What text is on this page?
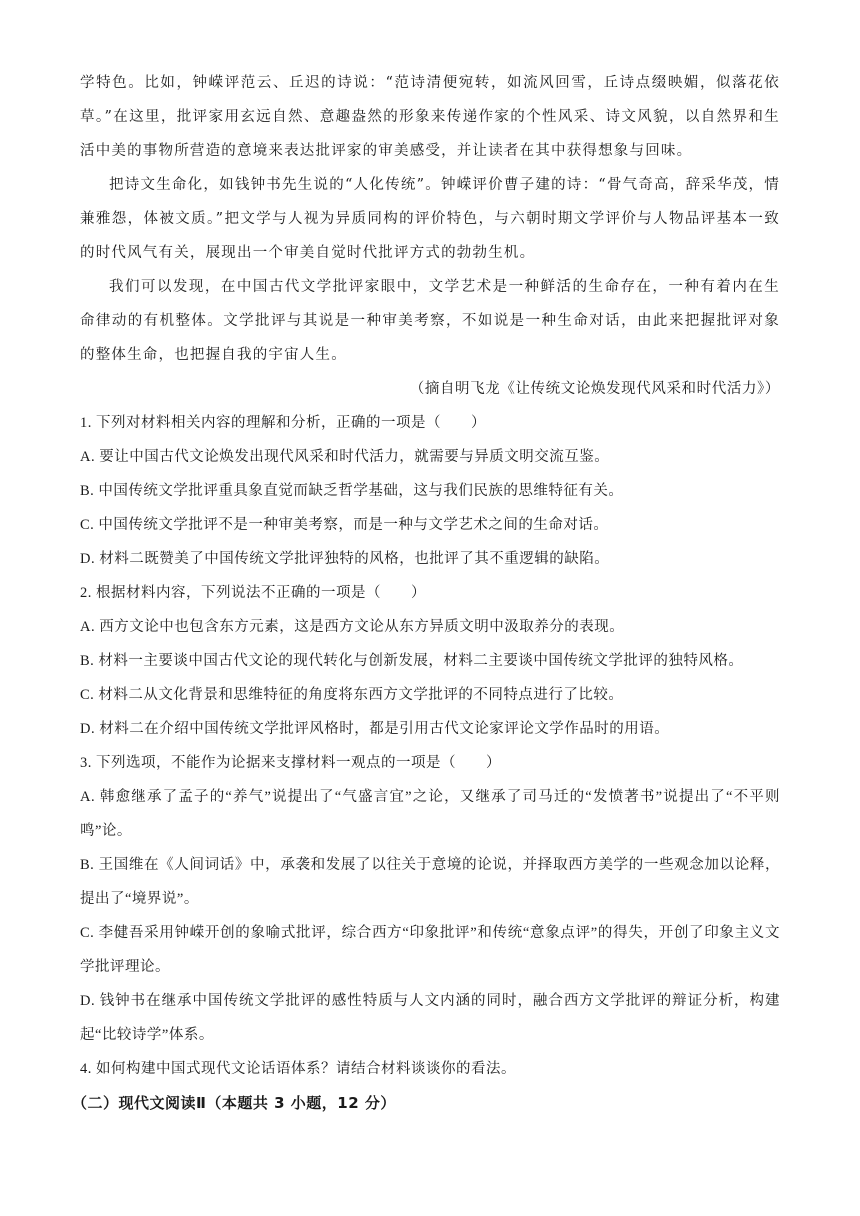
学特色。比如，钟嵘评范云、丘迟的诗说：“范诗清便宛转，如流风回雪，丘诗点缀映媚，似落花依草。”在这里，批评家用玄远自然、意趣盎然的形象来传递作家的个性风采、诗文风貌，以自然界和生活中美的事物所营造的意境来表达批评家的审美感受，并让读者在其中获得想象与回味。

把诗文生命化，如钱钟书先生说的“人化传统”。钟嵘评价曹子建的诗：“骨气奇高，辞采华茂，情兼雅怨，体被文质。”把文学与人视为异质同构的评价特色，与六朝时期文学评价与人物品评基本一致的时代风气有关，展现出一个审美自觉时代批评方式的勃勃生机。

我们可以发现，在中国古代文学批评家眼中，文学艺术是一种鲜活的生命存在，一种有着内在生命律动的有机整体。文学批评与其说是一种审美考察，不如说是一种生命对话，由此来把握批评对象的整体生命，也把握自我的宇宙人生。

（摘自明飞龙《让传统文论焕发现代风采和时代活力》）

1. 下列对材料相关内容的理解和分析，正确的一项是（　　）

A. 要让中国古代文论焕发出现代风采和时代活力，就需要与异质文明交流互鉴。

B. 中国传统文学批评重具象直觉而缺乏哲学基础，这与我们民族的思维特征有关。

C. 中国传统文学批评不是一种审美考察，而是一种与文学艺术之间的生命对话。

D. 材料二既赞美了中国传统文学批评独特的风格，也批评了其不重逻辑的缺陷。

2. 根据材料内容，下列说法不正确的一项是（　　）

A. 西方文论中也包含东方元素，这是西方文论从东方异质文明中汲取养分的表现。

B. 材料一主要谈中国古代文论的现代转化与创新发展，材料二主要谈中国传统文学批评的独特风格。

C. 材料二从文化背景和思维特征的角度将东西方文学批评的不同特点进行了比较。

D. 材料二在介绍中国传统文学批评风格时，都是引用古代文论家评论文学作品时的用语。

3. 下列选项，不能作为论据来支撑材料一观点的一项是（　　）

A. 韩愈继承了孟子的“养气”说提出了“气盛言宜”之论，又继承了司马迁的“发愤著书”说提出了“不平则鸣”论。

B. 王国维在《人间词话》中，承袭和发展了以往关于意境的论说，并择取西方美学的一些观念加以论释，提出了“境界说”。

C. 李健吾采用钟嵘开创的象喻式批评，综合西方“印象批评”和传统“意象点评”的得失，开创了印象主义文学批评理论。

D. 钱钟书在继承中国传统文学批评的感性特质与人文内涵的同时，融合西方文学批评的辩证分析，构建起“比较诗学”体系。

4. 如何构建中国式现代文论话语体系？请结合材料谈谈你的看法。

（二）现代文阅读Ⅱ（本题共 3 小题，12 分）
